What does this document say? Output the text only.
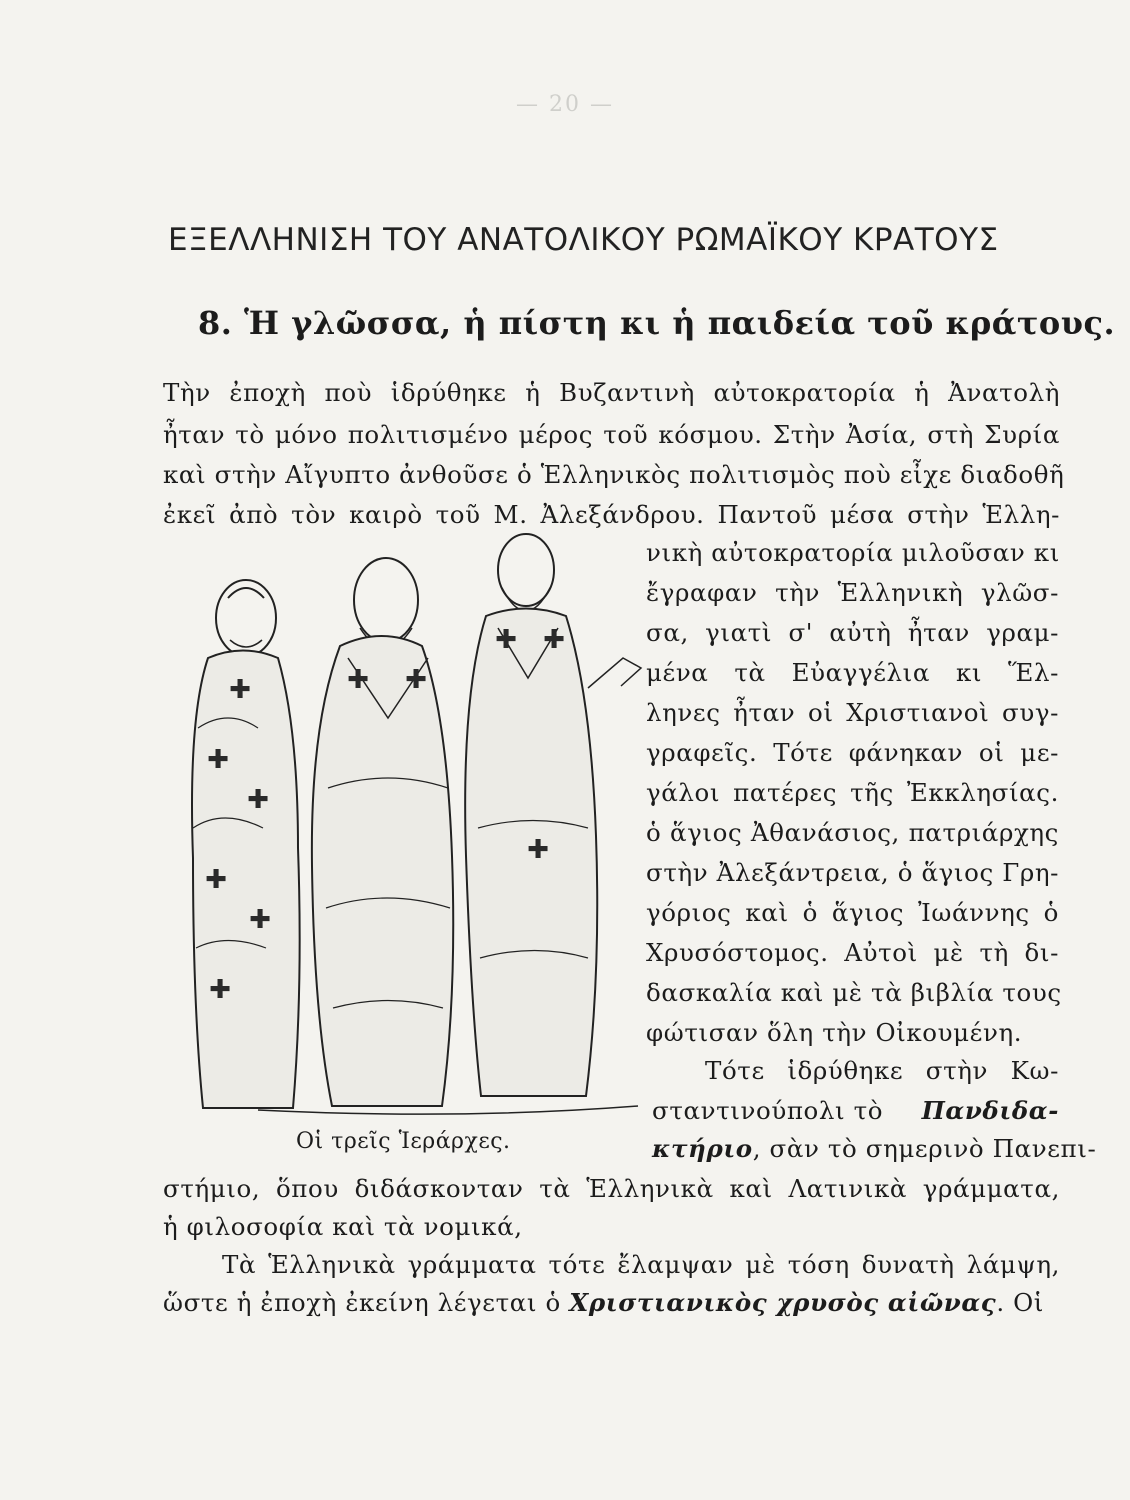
— 20 —
ΕΞΕΛΛΗΝΙΣΗ ΤΟΥ ΑΝΑΤΟΛΙΚΟΥ ΡΩΜΑΪΚΟΥ ΚΡΑΤΟΥΣ
8. Ἡ γλῶσσα, ἡ πίστη κι ἡ παιδεία τοῦ κράτους.
Τὴν ἐποχὴ ποὺ ἱδρύθηκε ἡ Βυζαντινὴ αὐτοκρατορία ἡ Ἀνατολὴ
ἦταν τὸ μόνο πολιτισμένο μέρος τοῦ κόσμου. Στὴν Ἀσία, στὴ Συρία
καὶ στὴν Αἴγυπτο ἀνθοῦσε ὁ Ἑλληνικὸς πολιτισμὸς ποὺ εἶχε διαδοθῆ
ἐκεῖ ἀπὸ τὸν καιρὸ τοῦ Μ. Ἀλεξάνδρου. Παντοῦ μέσα στὴν Ἑλλη-
νικὴ αὐτοκρατορία μιλοῦσαν κι
ἔγραφαν τὴν Ἑλληνικὴ γλῶσ-
σα, γιατὶ σ' αὐτὴ ἦταν γραμ-
μένα τὰ Εὐαγγέλια κι Ἕλ-
ληνες ἦταν οἱ Χριστιανοὶ συγ-
γραφεῖς. Τότε φάνηκαν οἱ με-
γάλοι πατέρες τῆς Ἐκκλησίας.
ὁ ἅγιος Ἀθανάσιος, πατριάρχης
στὴν Ἀλεξάντρεια, ὁ ἅγιος Γρη-
γόριος καὶ ὁ ἅγιος Ἰωάννης ὁ
Χρυσόστομος. Αὐτοὶ μὲ τὴ δι-
δασκαλία καὶ μὲ τὰ βιβλία τους
φώτισαν ὅλη τὴν Οἰκουμένη.
Τότε ἱδρύθηκε στὴν Κω-
σταντινούπολι τὸ Πανδιδα-
κτήριο, σὰν τὸ σημερινὸ Πανεπι-
στήμιο, ὅπου διδάσκονταν τὰ Ἑλληνικὰ καὶ Λατινικὰ γράμματα,
ἡ φιλοσοφία καὶ τὰ νομικά,
Τὰ Ἑλληνικὰ γράμματα τότε ἔλαμψαν μὲ τόση δυνατὴ λάμψη,
ὥστε ἡ ἐποχὴ ἐκείνη λέγεται ὁ Χριστιανικὸς χρυσὸς αἰῶνας. Οἱ
✚
✚
✚
✚
✚
✚
✚ ✚
✚ ✚
✚
Οἱ τρεῖς Ἱεράρχες.
